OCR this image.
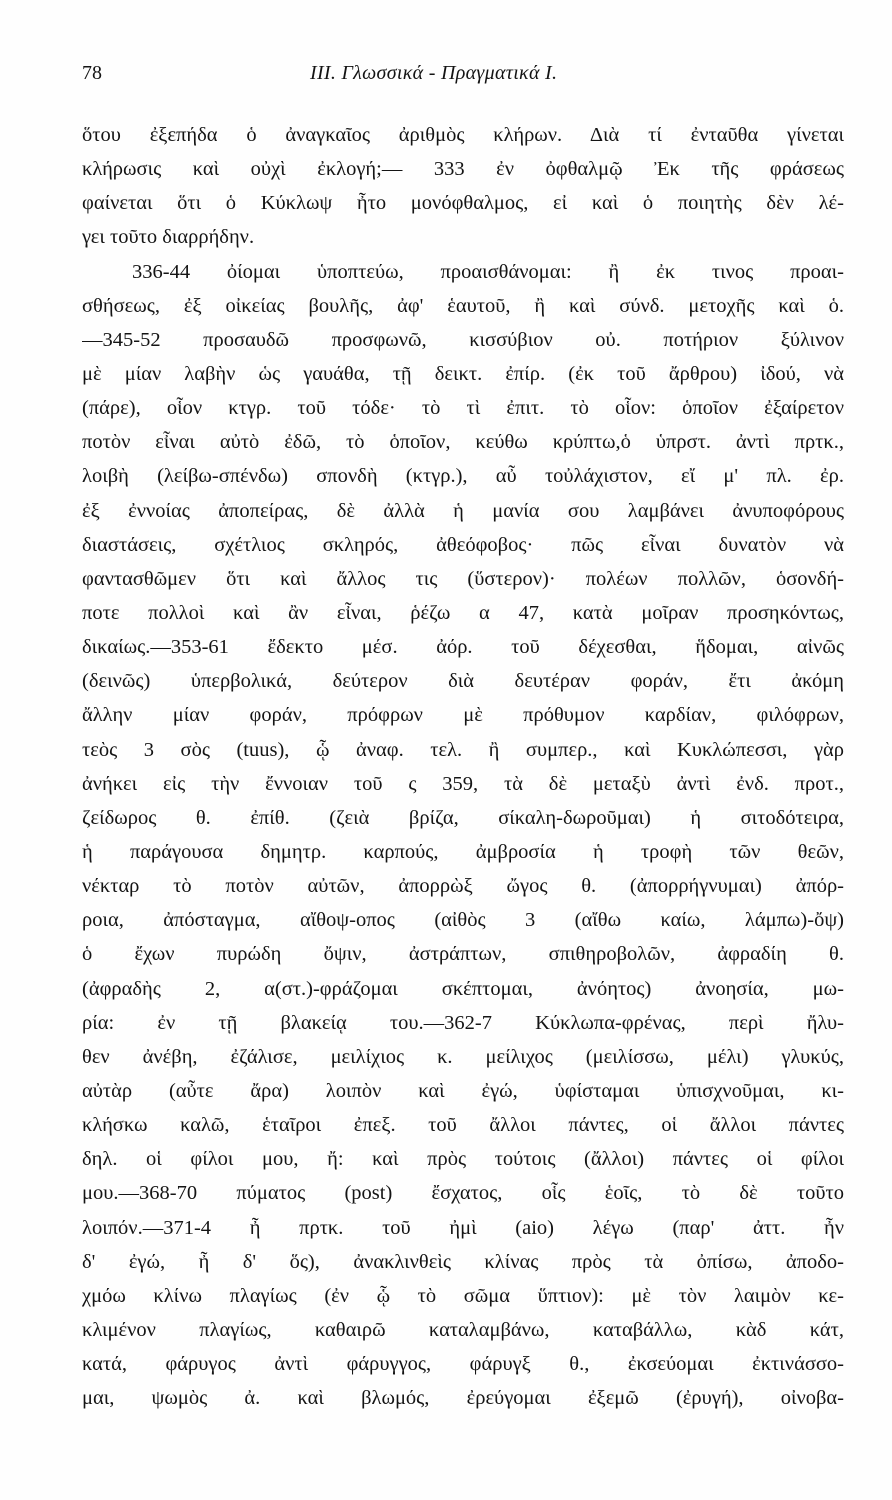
78	III. Γλωσσικά - Πραγματικά Ι.
ὅτου ἐξεπήδα ὁ ἀναγκαῖος ἀριθμὸς κλήρων. Διὰ τί ἐνταῦθα γίνεται
κλήρωσις καὶ οὐχὶ ἐκλογή;— 333 ἐν ὀφθαλμῷ Ἐκ τῆς φράσεως
φαίνεται ὅτι ὁ Κύκλωψ ἦτο μονόφθαλμος, εἰ καὶ ὁ ποιητὴς δὲν λέ-
γει τοῦτο διαρρήδην.
336-44 ὀίομαι ὑποπτεύω, προαισθάνομαι: ἢ ἐκ τινος προαι-
σθήσεως, ἐξ οἰκείας βουλῆς, ἀφ' ἑαυτοῦ, ἢ καὶ σύνδ. μετοχῆς καὶ ὁ.
—345-52 προσαυδῶ προσφωνῶ, κισσύβιον οὐ. ποτήριον ξύλινον
μὲ μίαν λαβὴν ὡς γαυάθα, τῇ δεικτ. ἐπίρ. (ἐκ τοῦ ἄρθρου) ἰδού, νὰ
(πάρε), οἷον κτγρ. τοῦ τόδε· τὸ τὶ ἐπιτ. τὸ οἷον: ὁποῖον ἐξαίρετον
ποτὸν εἶναι αὐτὸ ἐδῶ, τὸ ὁποῖον, κεύθω κρύπτω,ὁ ὑπρστ. ἀντὶ πρτκ.,
λοιβὴ (λείβω-σπένδω) σπονδὴ (κτγρ.), αὖ τοὐλάχιστον, εἴ μ' πλ. ἐρ.
ἐξ ἐννοίας ἀποπείρας, δὲ ἀλλὰ ἡ μανία σου λαμβάνει ἀνυποφόρους
διαστάσεις, σχέτλιος σκληρός, ἀθεόφοβος· πῶς εἶναι δυνατὸν νὰ
φαντασθῶμεν ὅτι καὶ ἄλλος τις (ὕστερον)· πολέων πολλῶν, ὁσονδή-
ποτε πολλοὶ καὶ ἂν εἶναι, ῥέζω α 47, κατὰ μοῖραν προσηκόντως,
δικαίως.—353-61 ἔδεκτο μέσ. ἀόρ. τοῦ δέχεσθαι, ἥδομαι, αἰνῶς
(δεινῶς) ὑπερβολικά, δεύτερον διὰ δευτέραν φοράν, ἔτι ἀκόμη
ἄλλην μίαν φοράν, πρόφρων μὲ πρόθυμον καρδίαν, φιλόφρων,
τεὸς 3 σὸς (tuus), ᾧ ἀναφ. τελ. ἢ συμπερ., καὶ Κυκλώπεσσι, γὰρ
ἀνήκει εἰς τὴν ἔννοιαν τοῦ ς 359, τὰ δὲ μεταξὺ ἀντὶ ἐνδ. προτ.,
ζείδωρος θ. ἐπίθ. (ζειὰ βρίζα, σίκαλη-δωροῦμαι) ἡ σιτοδότειρα,
ἡ παράγουσα δημητρ. καρπούς, ἀμβροσία ἡ τροφὴ τῶν θεῶν,
νέκταρ τὸ ποτὸν αὐτῶν, ἀπορρὼξ ὤγος θ. (ἀπορρήγνυμαι) ἀπόρ-
ροια, ἀπόσταγμα, αἴθοψ-οπος (αἰθὸς 3 (αἴθω καίω, λάμπω)-ὄψ)
ὁ ἔχων πυρώδη ὄψιν, ἀστράπτων, σπιθηροβολῶν, ἀφραδίη θ.
(ἀφραδὴς 2, α(στ.)-φράζομαι σκέπτομαι, ἀνόητος) ἀνοησία, μω-
ρία: ἐν τῇ βλακείᾳ του.—362-7 Κύκλωπα-φρένας, περὶ ἤλυ-
θεν ἀνέβη, ἐζάλισε, μειλίχιος κ. μείλιχος (μειλίσσω, μέλι) γλυκύς,
αὐτὰρ (αὖτε ἄρα) λοιπὸν καὶ ἐγώ, ὑφίσταμαι ὑπισχνοῦμαι, κι-
κλήσκω καλῶ, ἑταῖροι ἐπεξ. τοῦ ἄλλοι πάντες, οἱ ἄλλοι πάντες
δηλ. οἱ φίλοι μου, ἤ: καὶ πρὸς τούτοις (ἄλλοι) πάντες οἱ φίλοι
μου.—368-70 πύματος (post) ἔσχατος, οἷς ἑοῖς, τὸ δὲ τοῦτο
λοιπόν.—371-4 ἦ πρτκ. τοῦ ἠμὶ (aio) λέγω (παρ' ἀττ. ἦν
δ' ἐγώ, ἦ δ' ὅς), ἀνακλινθεὶς κλίνας πρὸς τὰ ὀπίσω, ἀποδο-
χμόω κλίνω πλαγίως (ἐν ᾧ τὸ σῶμα ὕπτιον): μὲ τὸν λαιμὸν κε-
κλιμένον πλαγίως, καθαιρῶ καταλαμβάνω, καταβάλλω, κὰδ κάτ,
κατά, φάρυγος ἀντὶ φάρυγγος, φάρυγξ θ., ἐκσεύομαι ἐκτινάσσο-
μαι, ψωμὸς ἀ. καὶ βλωμός, ἐρεύγομαι ἐξεμῶ (ἐρυγή), οἰνοβα-
